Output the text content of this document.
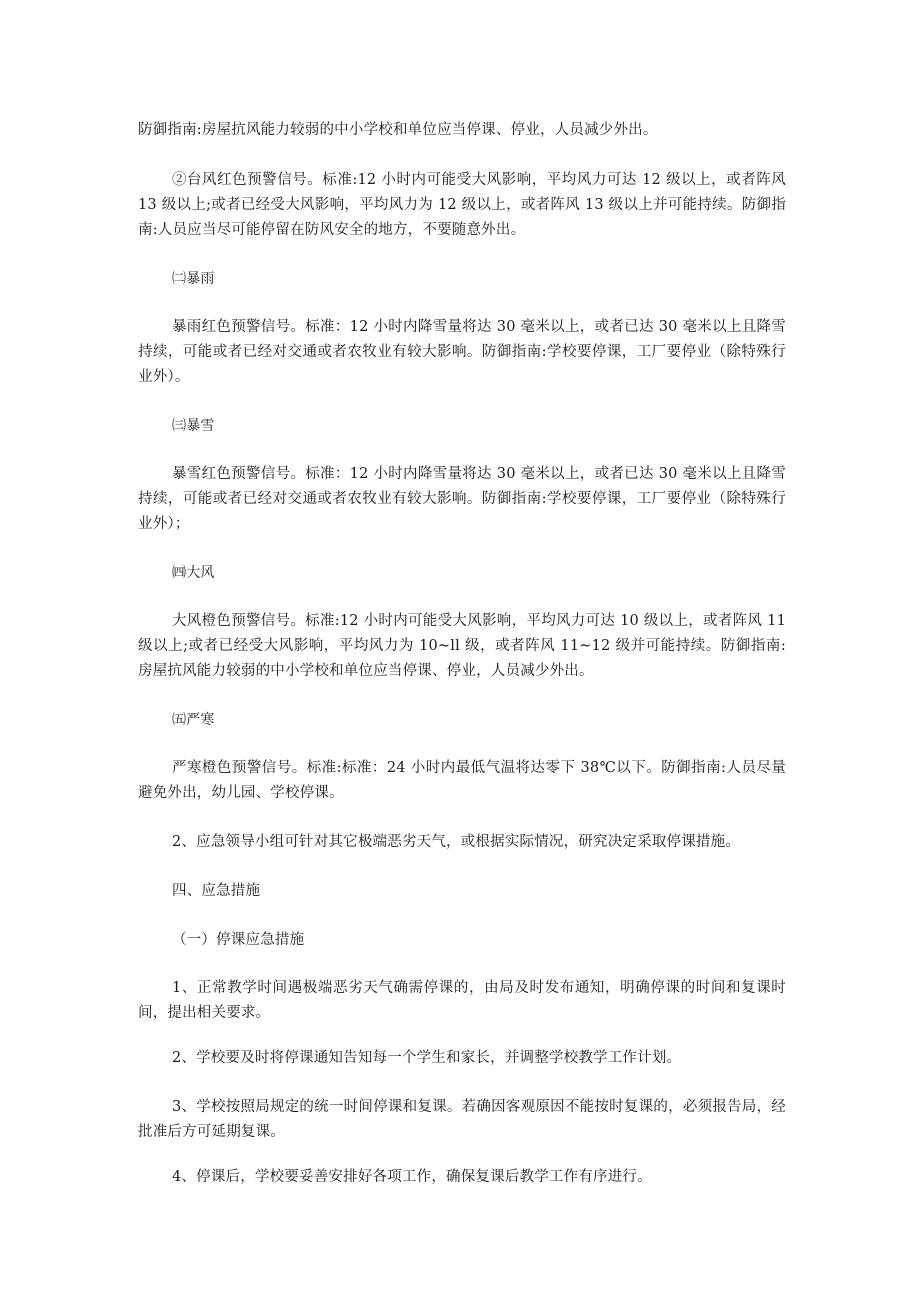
防御指南:房屋抗风能力较弱的中小学校和单位应当停课、停业，人员减少外出。

②台风红色预警信号。标准:12 小时内可能受大风影响，平均风力可达 12 级以上，或者阵风 13 级以上;或者已经受大风影响，平均风力为 12 级以上，或者阵风 13 级以上并可能持续。防御指南:人员应当尽可能停留在防风安全的地方，不要随意外出。

㈡暴雨

暴雨红色预警信号。标准：12 小时内降雪量将达 30 毫米以上，或者已达 30 毫米以上且降雪持续，可能或者已经对交通或者农牧业有较大影响。防御指南:学校要停课，工厂要停业（除特殊行业外）。

㈢暴雪

暴雪红色预警信号。标准：12 小时内降雪量将达 30 毫米以上，或者已达 30 毫米以上且降雪持续，可能或者已经对交通或者农牧业有较大影响。防御指南:学校要停课，工厂要停业（除特殊行业外）；

㈣大风

大风橙色预警信号。标准:12 小时内可能受大风影响，平均风力可达 10 级以上，或者阵风 11 级以上;或者已经受大风影响，平均风力为 10~ll 级，或者阵风 11~12 级并可能持续。防御指南:房屋抗风能力较弱的中小学校和单位应当停课、停业，人员减少外出。

㈤严寒

严寒橙色预警信号。标准:标准：24 小时内最低气温将达零下 38℃以下。防御指南:人员尽量避免外出，幼儿园、学校停课。

2、应急领导小组可针对其它极端恶劣天气，或根据实际情况，研究决定采取停课措施。

四、应急措施

（一）停课应急措施

1、正常教学时间遇极端恶劣天气确需停课的，由局及时发布通知，明确停课的时间和复课时间，提出相关要求。

2、学校要及时将停课通知告知每一个学生和家长，并调整学校教学工作计划。

3、学校按照局规定的统一时间停课和复课。若确因客观原因不能按时复课的，必须报告局，经批准后方可延期复课。

4、停课后，学校要妥善安排好各项工作，确保复课后教学工作有序进行。
